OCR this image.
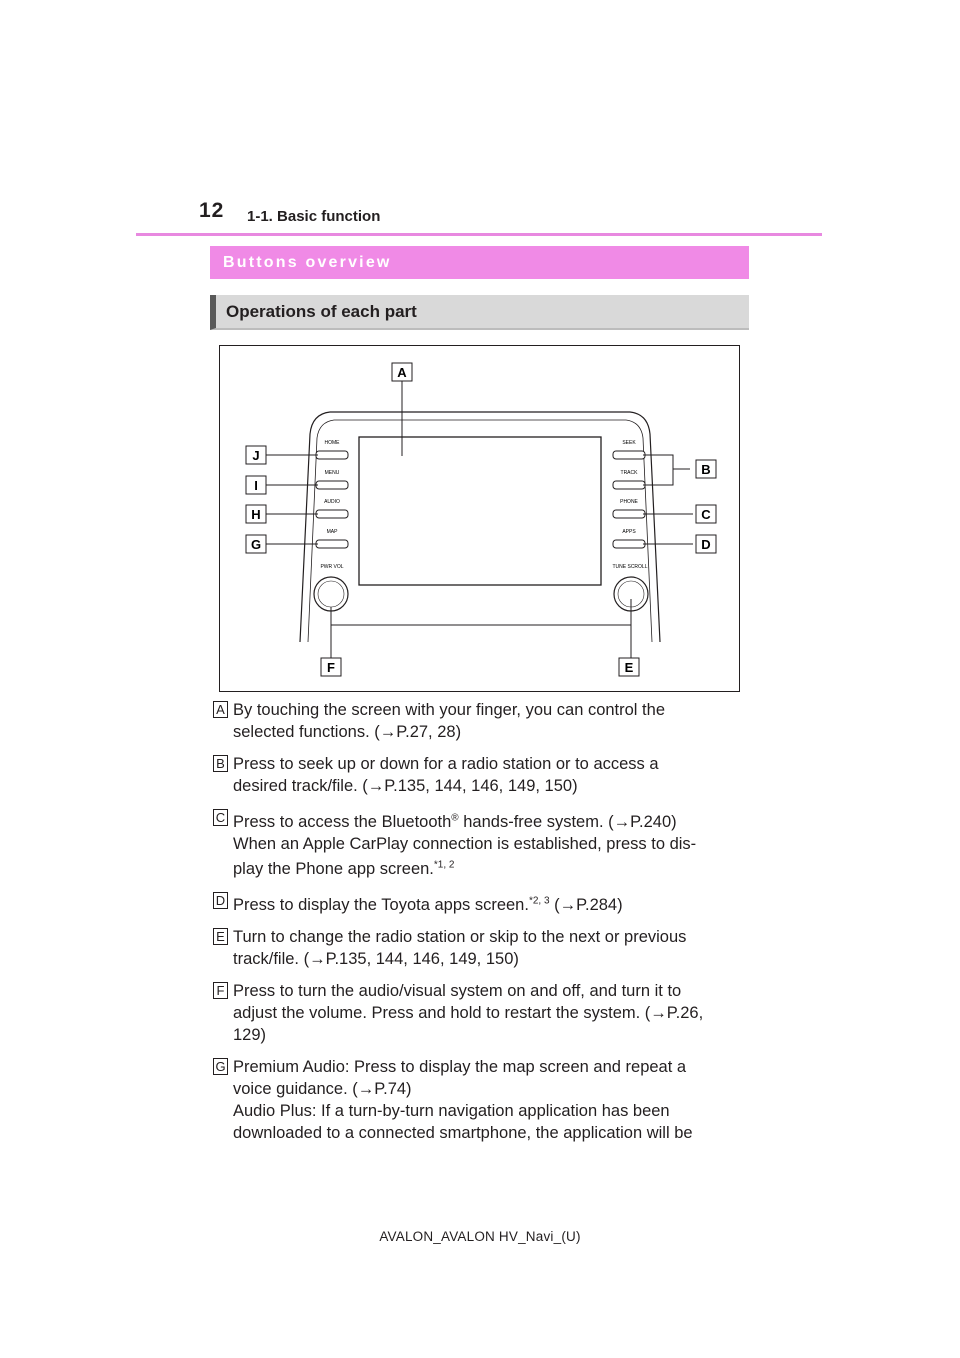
12 1-1. Basic function
Buttons overview
Operations of each part
HOME
MENU
AUDIO
MAP
SEEK
TRACK
PHONE
APPS
PWR VOL	TUNE SCROLL
A
B
C
D
E
F
G
H
I
J
A By touching the screen with your finger, you can control the
selected functions. (→P.27, 28)
B Press to seek up or down for a radio station or to access a
desired track/file. (→P.135, 144, 146, 149, 150)
C Press to access the Bluetooth® hands-free system. (→P.240)
When an Apple CarPlay connection is established, press to dis-
play the Phone app screen.$^{*1, 2}$
D Press to display the Toyota apps screen.$^{*2, 3}$ (→P.284)
E Turn to change the radio station or skip to the next or previous
track/file. (→P.135, 144, 146, 149, 150)
F Press to turn the audio/visual system on and off, and turn it to
adjust the volume. Press and hold to restart the system. (→P.26,
129)
G Premium Audio: Press to display the map screen and repeat a
voice guidance. (→P.74)
Audio Plus: If a turn-by-turn navigation application has been
downloaded to a connected smartphone, the application will be
AVALON_AVALON HV_Navi_(U)
